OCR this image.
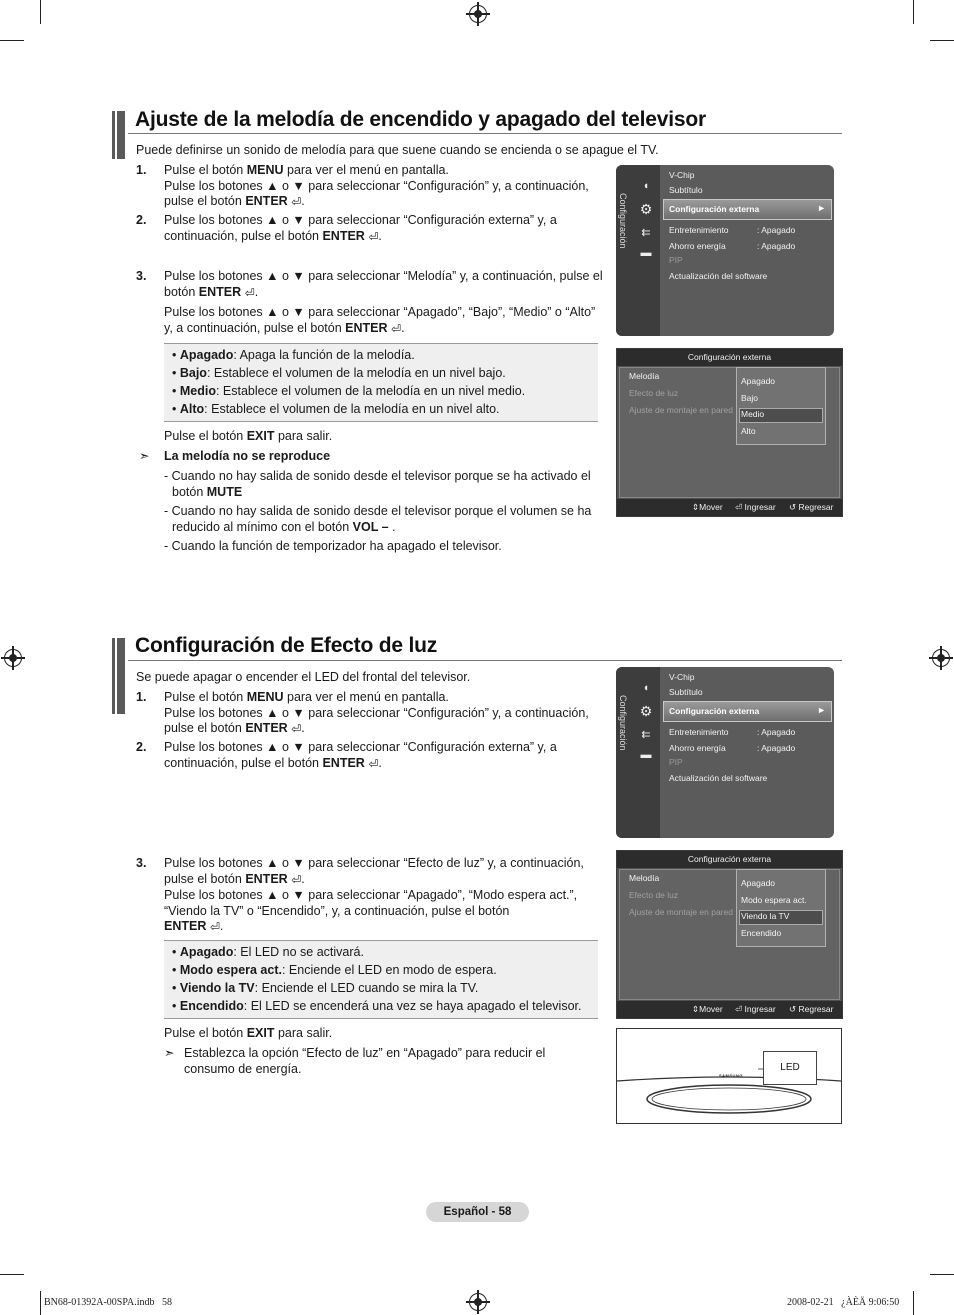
Ajuste de la melodía de encendido y apagado del televisor
Puede definirse un sonido de melodía para que suene cuando se encienda o se apague el TV.
1. Pulse el botón MENU para ver el menú en pantalla.
Pulse los botones ▲ o ▼ para seleccionar “Configuración” y, a continuación,
pulse el botón ENTER ⏎.
2. Pulse los botones ▲ o ▼ para seleccionar “Configuración externa” y, a
continuación, pulse el botón ENTER ⏎.
3. Pulse los botones ▲ o ▼ para seleccionar “Melodía” y, a continuación, pulse el
botón ENTER ⏎.
Pulse los botones ▲ o ▼ para seleccionar “Apagado”, “Bajo”, “Medio” o “Alto”
y, a continuación, pulse el botón ENTER ⏎.
• Apagado: Apaga la función de la melodía.
• Bajo: Establece el volumen de la melodía en un nivel bajo.
• Medio: Establece el volumen de la melodía en un nivel medio.
• Alto: Establece el volumen de la melodía en un nivel alto.
Pulse el botón EXIT para salir.
➣ La melodía no se reproduce
- Cuando no hay salida de sonido desde el televisor porque se ha activado el
botón MUTE
- Cuando no hay salida de sonido desde el televisor porque el volumen se ha
reducido al mínimo con el botón VOL – .
- Cuando la función de temporizador ha apagado el televisor.
Configuración
◖
⚙
⇇
▬
V-Chip
Subtítulo
Configuración externa	►
Entretenimiento	: Apagado
Ahorro energía	: Apagado
PIP
Actualización del software
Configuración externa
Melodía
Efecto de luz
Ajuste de montaje en pared
Apagado
Bajo
Medio
Alto
⇕Mover ⏎ Ingresar ↺ Regresar
Configuración de Efecto de luz
Se puede apagar o encender el LED del frontal del televisor.
1. Pulse el botón MENU para ver el menú en pantalla.
Pulse los botones ▲ o ▼ para seleccionar “Configuración” y, a continuación,
pulse el botón ENTER ⏎.
2. Pulse los botones ▲ o ▼ para seleccionar “Configuración externa” y, a
continuación, pulse el botón ENTER ⏎.
3. Pulse los botones ▲ o ▼ para seleccionar “Efecto de luz” y, a continuación,
pulse el botón ENTER ⏎.
Pulse los botones ▲ o ▼ para seleccionar “Apagado”, “Modo espera act.”,
“Viendo la TV” o “Encendido”, y, a continuación, pulse el botón
ENTER ⏎.
• Apagado: El LED no se activará.
• Modo espera act.: Enciende el LED en modo de espera.
• Viendo la TV: Enciende el LED cuando se mira la TV.
• Encendido: El LED se encenderá una vez se haya apagado el televisor.
Pulse el botón EXIT para salir.
➣ Establezca la opción “Efecto de luz” en “Apagado” para reducir el
consumo de energía.
Configuración
◖
⚙
⇇
▬
V-Chip
Subtítulo
Configuración externa	►
Entretenimiento	: Apagado
Ahorro energía	: Apagado
PIP
Actualización del software
Configuración externa
Melodía
Efecto de luz
Ajuste de montaje en pared
Apagado
Modo espera act.
Viendo la TV
Encendido
⇕Mover ⏎ Ingresar ↺ Regresar
SAMSUNG
LED
Español - 58
BN68-01392A-00SPA.indb   58	2008-02-21   ¿ÀÈÄ 9:06:50
